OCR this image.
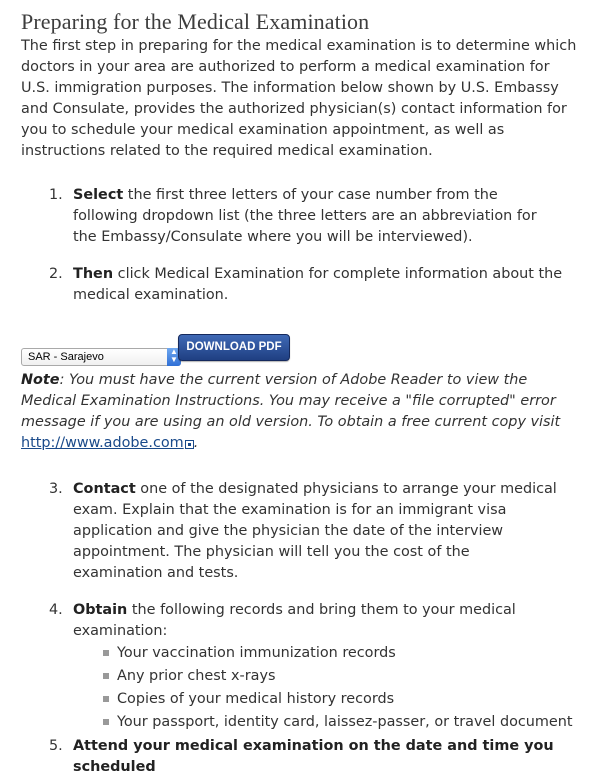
Preparing for the Medical Examination

The first step in preparing for the medical examination is to determine which doctors in your area are authorized to perform a medical examination for U.S. immigration purposes. The information below shown by U.S. Embassy and Consulate, provides the authorized physician(s) contact information for you to schedule your medical examination appointment, as well as instructions related to the required medical examination.

1. Select the first three letters of your case number from the following dropdown list (the three letters are an abbreviation for the Embassy/Consulate where you will be interviewed).
2. Then click Medical Examination for complete information about the medical examination.
SAR - Sarajevo	▲
▼
DOWNLOAD PDF

Note: You must have the current version of Adobe Reader to view the Medical Examination Instructions. You may receive a "file corrupted" error message if you are using an old version. To obtain a free current copy visit http://www.adobe.com .

3. Contact one of the designated physicians to arrange your medical exam. Explain that the examination is for an immigrant visa application and give the physician the date of the interview appointment. The physician will tell you the cost of the examination and tests.
4. Obtain the following records and bring them to your medical examination:
Your vaccination immunization records
Any prior chest x-rays
Copies of your medical history records
Your passport, identity card, laissez-passer, or travel document
5. Attend your medical examination on the date and time you scheduled
